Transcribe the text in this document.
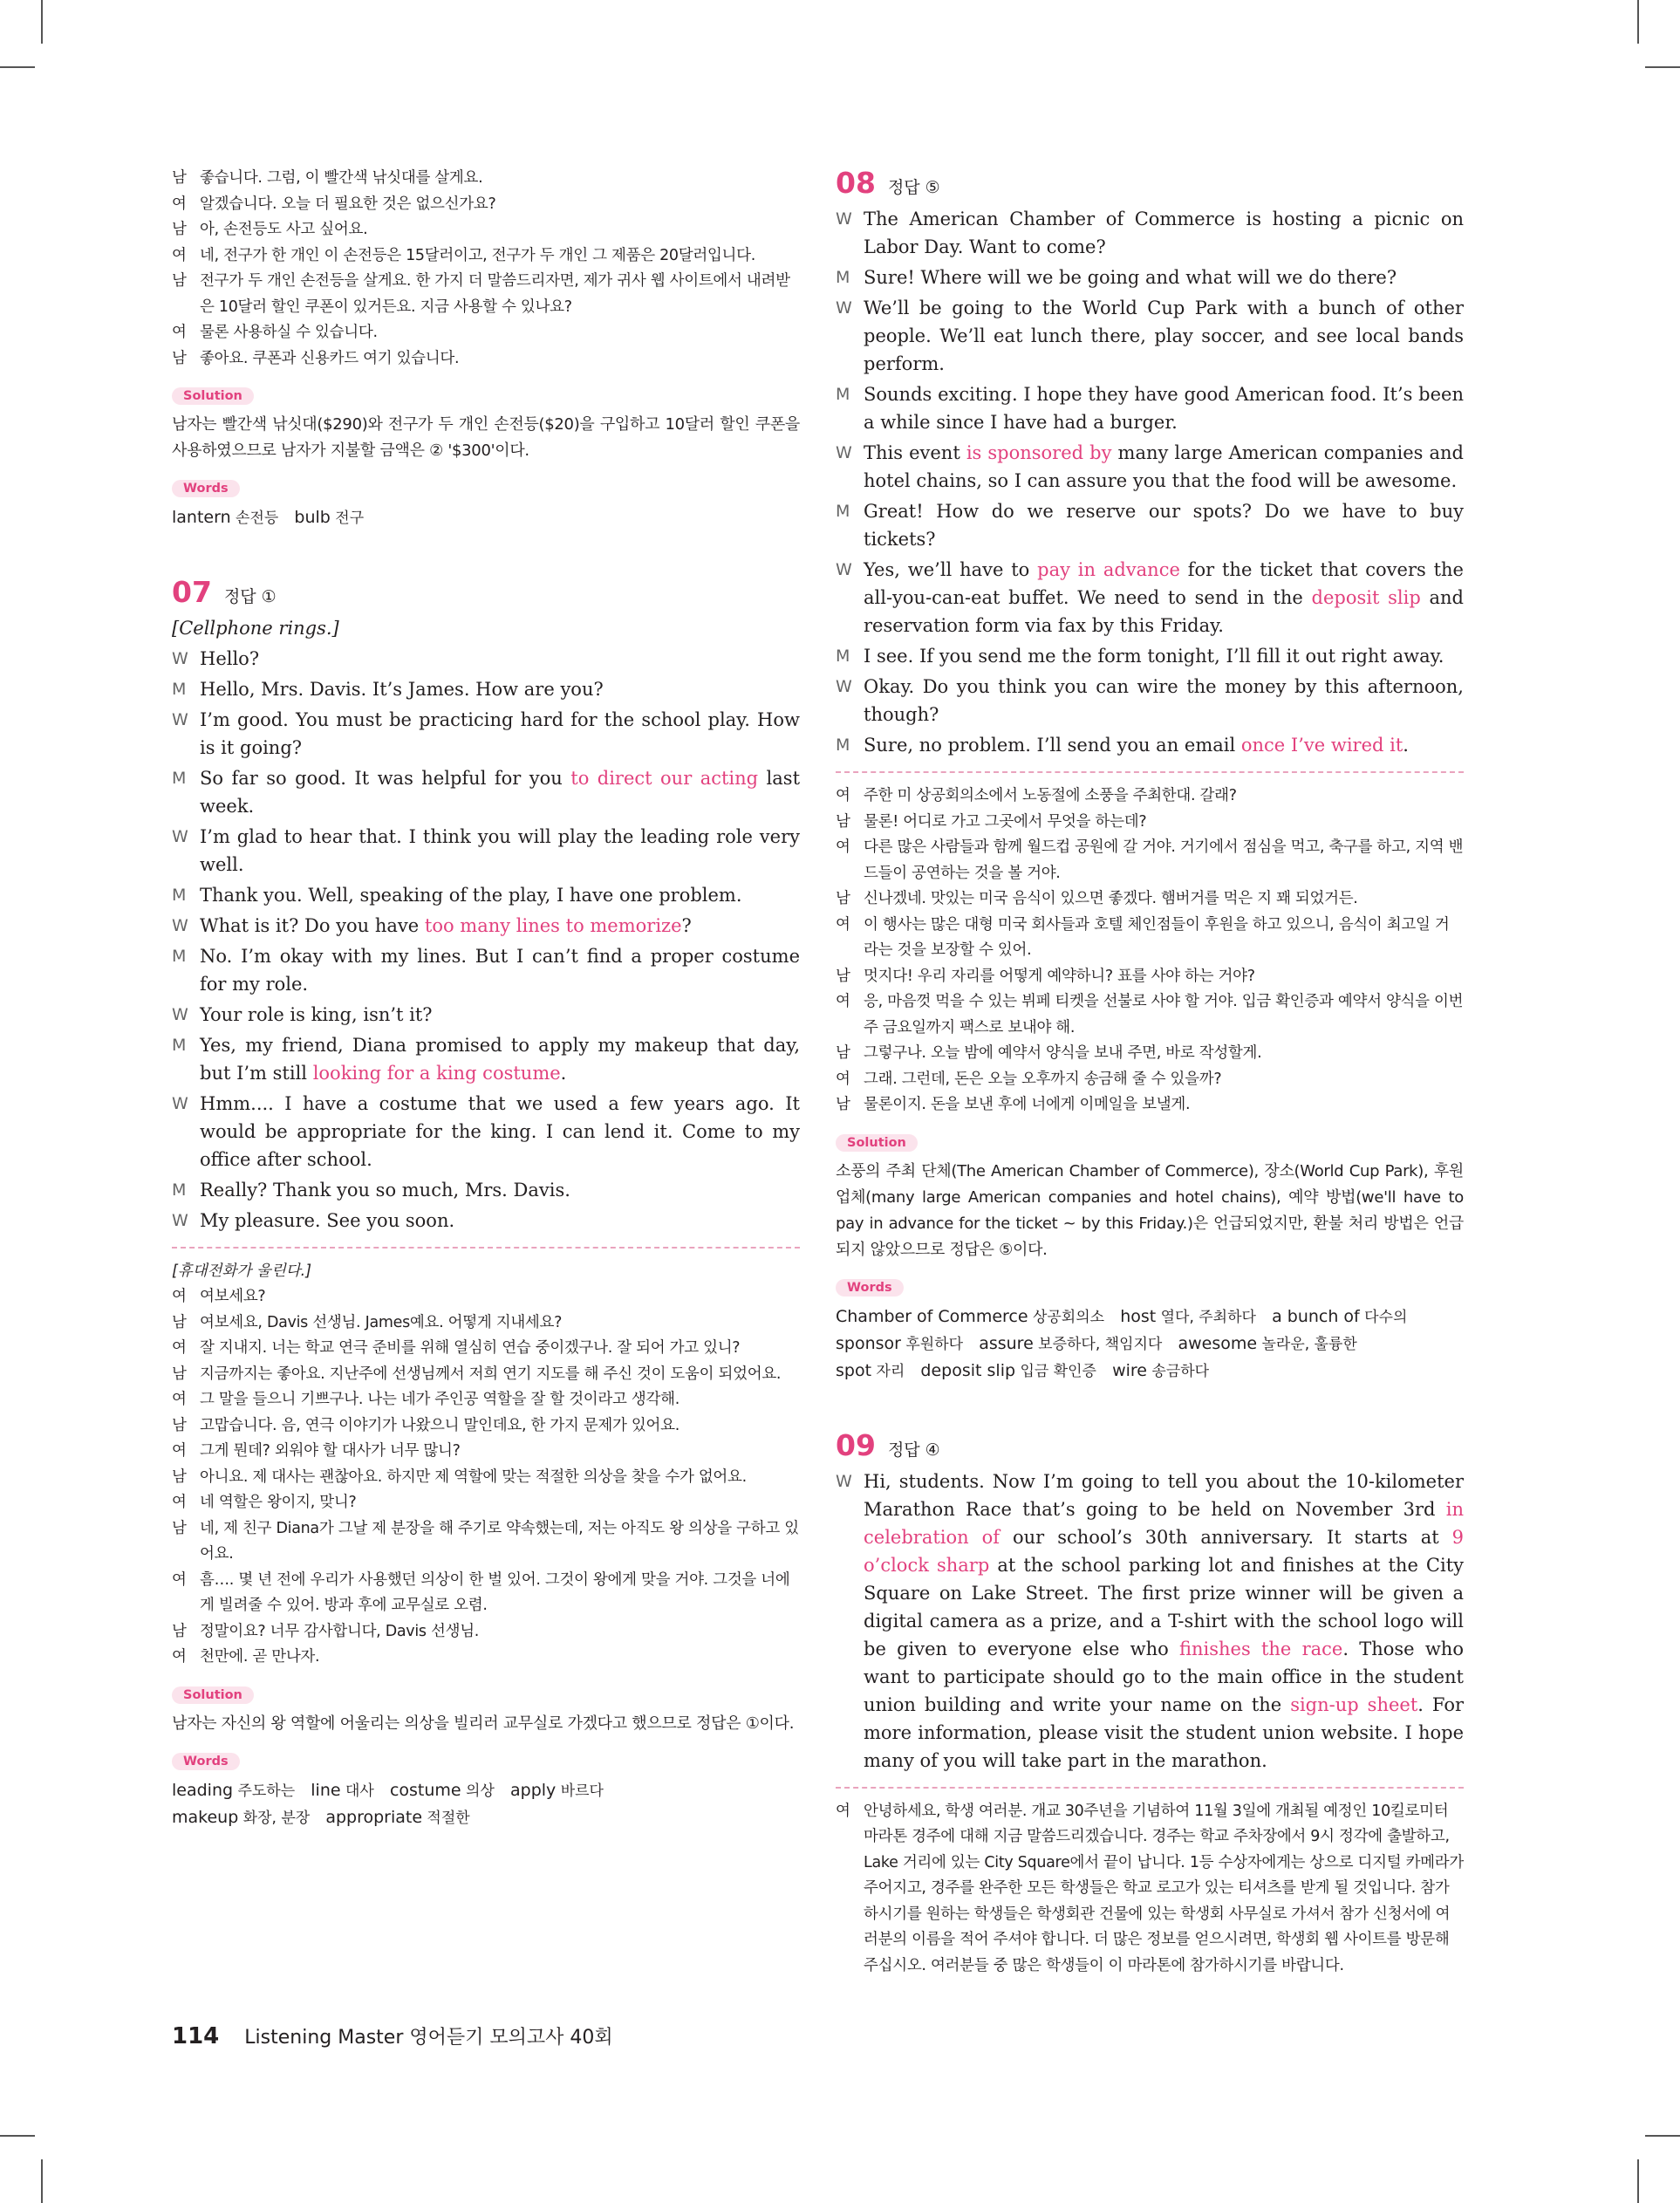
남 좋습니다. 그럼, 이 빨간색 낚싯대를 살게요.
여 알겠습니다. 오늘 더 필요한 것은 없으신가요?
남 아, 손전등도 사고 싶어요.
여 네, 전구가 한 개인 이 손전등은 15달러이고, 전구가 두 개인 그 제품은 20달러입니다.
남 전구가 두 개인 손전등을 살게요. 한 가지 더 말씀드리자면, 제가 귀사 웹 사이트에서 내려받은 10달러 할인 쿠폰이 있거든요. 지금 사용할 수 있나요?
여 물론 사용하실 수 있습니다.
남 좋아요. 쿠폰과 신용카드 여기 있습니다.
Solution
남자는 빨간색 낚싯대($290)와 전구가 두 개인 손전등($20)을 구입하고 10달러 할인 쿠폰을 사용하였으므로 남자가 지불할 금액은 ② '$300'이다.
Words
lantern 손전등 bulb 전구
07 정답 ①
[Cellphone rings.]
W Hello?
M Hello, Mrs. Davis. It’s James. How are you?
W I’m good. You must be practicing hard for the school play. How is it going?
M So far so good. It was helpful for you to direct our acting last week.
W I’m glad to hear that. I think you will play the leading role very well.
M Thank you. Well, speaking of the play, I have one problem.
W What is it? Do you have too many lines to memorize?
M No. I’m okay with my lines. But I can’t find a proper costume for my role.
W Your role is king, isn’t it?
M Yes, my friend, Diana promised to apply my makeup that day, but I’m still looking for a king costume.
W Hmm.... I have a costume that we used a few years ago. It would be appropriate for the king. I can lend it. Come to my office after school.
M Really? Thank you so much, Mrs. Davis.
W My pleasure. See you soon.
[휴대전화가 울린다.]
여 여보세요?
남 여보세요, Davis 선생님. James예요. 어떻게 지내세요?
여 잘 지내지. 너는 학교 연극 준비를 위해 열심히 연습 중이겠구나. 잘 되어 가고 있니?
남 지금까지는 좋아요. 지난주에 선생님께서 저희 연기 지도를 해 주신 것이 도움이 되었어요.
여 그 말을 들으니 기쁘구나. 나는 네가 주인공 역할을 잘 할 것이라고 생각해.
남 고맙습니다. 음, 연극 이야기가 나왔으니 말인데요, 한 가지 문제가 있어요.
여 그게 뭔데? 외워야 할 대사가 너무 많니?
남 아니요. 제 대사는 괜찮아요. 하지만 제 역할에 맞는 적절한 의상을 찾을 수가 없어요.
여 네 역할은 왕이지, 맞니?
남 네, 제 친구 Diana가 그날 제 분장을 해 주기로 약속했는데, 저는 아직도 왕 의상을 구하고 있어요.
여 흠…. 몇 년 전에 우리가 사용했던 의상이 한 벌 있어. 그것이 왕에게 맞을 거야. 그것을 너에게 빌려줄 수 있어. 방과 후에 교무실로 오렴.
남 정말이요? 너무 감사합니다, Davis 선생님.
여 천만에. 곧 만나자.
Solution
남자는 자신의 왕 역할에 어울리는 의상을 빌리러 교무실로 가겠다고 했으므로 정답은 ①이다.
Words
leading 주도하는 line 대사 costume 의상 apply 바르다
makeup 화장, 분장 appropriate 적절한
08 정답 ⑤
W The American Chamber of Commerce is hosting a picnic on Labor Day. Want to come?
M Sure! Where will we be going and what will we do there?
W We’ll be going to the World Cup Park with a bunch of other people. We’ll eat lunch there, play soccer, and see local bands perform.
M Sounds exciting. I hope they have good American food. It’s been a while since I have had a burger.
W This event is sponsored by many large American companies and hotel chains, so I can assure you that the food will be awesome.
M Great! How do we reserve our spots? Do we have to buy tickets?
W Yes, we’ll have to pay in advance for the ticket that covers the all-you-can-eat buffet. We need to send in the deposit slip and reservation form via fax by this Friday.
M I see. If you send me the form tonight, I’ll fill it out right away.
W Okay. Do you think you can wire the money by this afternoon, though?
M Sure, no problem. I’ll send you an email once I’ve wired it.
여 주한 미 상공회의소에서 노동절에 소풍을 주최한대. 갈래?
남 물론! 어디로 가고 그곳에서 무엇을 하는데?
여 다른 많은 사람들과 함께 월드컵 공원에 갈 거야. 거기에서 점심을 먹고, 축구를 하고, 지역 밴드들이 공연하는 것을 볼 거야.
남 신나겠네. 맛있는 미국 음식이 있으면 좋겠다. 햄버거를 먹은 지 꽤 되었거든.
여 이 행사는 많은 대형 미국 회사들과 호텔 체인점들이 후원을 하고 있으니, 음식이 최고일 거라는 것을 보장할 수 있어.
남 멋지다! 우리 자리를 어떻게 예약하니? 표를 사야 하는 거야?
여 응, 마음껏 먹을 수 있는 뷔페 티켓을 선불로 사야 할 거야. 입금 확인증과 예약서 양식을 이번 주 금요일까지 팩스로 보내야 해.
남 그렇구나. 오늘 밤에 예약서 양식을 보내 주면, 바로 작성할게.
여 그래. 그런데, 돈은 오늘 오후까지 송금해 줄 수 있을까?
남 물론이지. 돈을 보낸 후에 너에게 이메일을 보낼게.
Solution
소풍의 주최 단체(The American Chamber of Commerce), 장소(World Cup Park), 후원 업체(many large American companies and hotel chains), 예약 방법(we'll have to pay in advance for the ticket ~ by this Friday.)은 언급되었지만, 환불 처리 방법은 언급되지 않았으므로 정답은 ⑤이다.
Words
Chamber of Commerce 상공회의소 host 열다, 주최하다 a bunch of 다수의
sponsor 후원하다 assure 보증하다, 책임지다 awesome 놀라운, 훌륭한
spot 자리 deposit slip 입금 확인증 wire 송금하다
09 정답 ④
W Hi, students. Now I’m going to tell you about the 10-kilometer Marathon Race that’s going to be held on November 3rd in celebration of our school’s 30th anniversary. It starts at 9 o’clock sharp at the school parking lot and finishes at the City Square on Lake Street. The first prize winner will be given a digital camera as a prize, and a T-shirt with the school logo will be given to everyone else who finishes the race. Those who want to participate should go to the main office in the student union building and write your name on the sign-up sheet. For more information, please visit the student union website. I hope many of you will take part in the marathon.
여 안녕하세요, 학생 여러분. 개교 30주년을 기념하여 11월 3일에 개최될 예정인 10킬로미터 마라톤 경주에 대해 지금 말씀드리겠습니다. 경주는 학교 주차장에서 9시 정각에 출발하고, Lake 거리에 있는 City Square에서 끝이 납니다. 1등 수상자에게는 상으로 디지털 카메라가 주어지고, 경주를 완주한 모든 학생들은 학교 로고가 있는 티셔츠를 받게 될 것입니다. 참가하시기를 원하는 학생들은 학생회관 건물에 있는 학생회 사무실로 가셔서 참가 신청서에 여러분의 이름을 적어 주셔야 합니다. 더 많은 정보를 얻으시려면, 학생회 웹 사이트를 방문해 주십시오. 여러분들 중 많은 학생들이 이 마라톤에 참가하시기를 바랍니다.
114 Listening Master 영어듣기 모의고사 40회
